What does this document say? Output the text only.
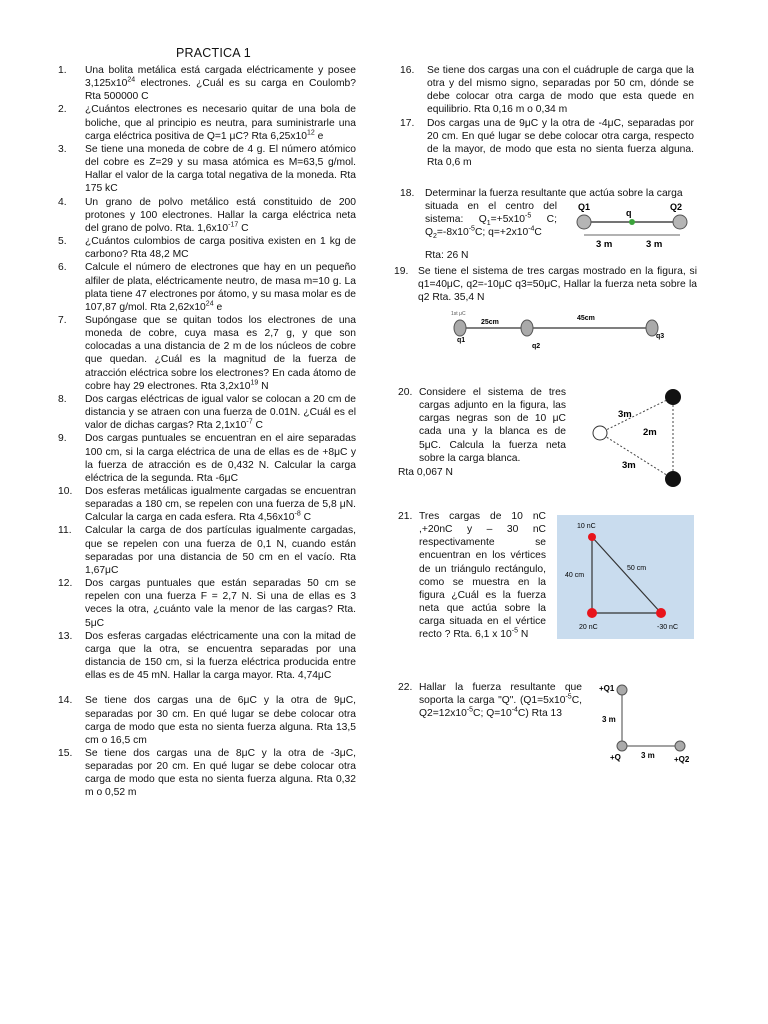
PRACTICA 1
1. Una bolita metálica está cargada eléctricamente y posee $3,125x10^{24}$ electrones. ¿Cuál es su carga en Coulomb? Rta 500000 C
2. ¿Cuántos electrones es necesario quitar de una bola de boliche, que al principio es neutra, para suministrarle una carga eléctrica positiva de Q=1 μC? Rta $6,25x10^{12}$ e
3. Se tiene una moneda de cobre de 4 g. El número atómico del cobre es Z=29 y su masa atómica es M=63,5 g/mol. Hallar el valor de la carga total negativa de la moneda. Rta 175 kC
4. Un grano de polvo metálico está constituido de 200 protones y 100 electrones. Hallar la carga eléctrica neta del grano de polvo. Rta. $1,6x10^{-17}$ C
5. ¿Cuántos culombios de carga positiva existen en 1 kg de carbono? Rta 48,2 MC
6. Calcule el número de electrones que hay en un pequeño alfiler de plata, eléctricamente neutro, de masa m=10 g. La plata tiene 47 electrones por átomo, y su masa molar es de 107,87 g/mol. Rta $2,62x10^{24}$ e
7. Supóngase que se quitan todos los electrones de una moneda de cobre, cuya masa es 2,7 g, y que son colocadas a una distancia de 2 m de los núcleos de cobre que quedan. ¿Cuál es la magnitud de la fuerza de atracción eléctrica sobre los electrones? En cada átomo de cobre hay 29 electrones. Rta $3,2x10^{19}$ N
8. Dos cargas eléctricas de igual valor se colocan a 20 cm de distancia y se atraen con una fuerza de 0.01N. ¿Cuál es el valor de dichas cargas? Rta $2,1x10^{-7}$ C
9. Dos cargas puntuales se encuentran en el aire separadas 100 cm, si la carga eléctrica de una de ellas es de +8μC y la fuerza de atracción es de 0,432 N. Calcular la carga eléctrica de la segunda. Rta -6μC
10. Dos esferas metálicas igualmente cargadas se encuentran separadas a 180 cm, se repelen con una fuerza de 5,8 μN. Calcular la carga en cada esfera. Rta $4,56x10^{-8}$ C
11. Calcular la carga de dos partículas igualmente cargadas, que se repelen con una fuerza de 0,1 N, cuando están separadas por una distancia de 50 cm en el vacío. Rta 1,67μC
12. Dos cargas puntuales que están separadas 50 cm se repelen con una fuerza F = 2,7 N. Si una de ellas es 3 veces la otra, ¿cuánto vale la menor de las cargas? Rta. 5μC
13. Dos esferas cargadas eléctricamente una con la mitad de carga que la otra, se encuentra separadas por una distancia de 150 cm, si la fuerza eléctrica producida entre ellas es de 45 mN. Hallar la carga mayor. Rta. 4,74μC
14. Se tiene dos cargas una de 6μC y la otra de 9μC, separadas por 30 cm. En qué lugar se debe colocar otra carga de modo que esta no sienta fuerza alguna. Rta 13,5 cm o 16,5 cm
15. Se tiene dos cargas una de 8μC y la otra de -3μC, separadas por 20 cm. En qué lugar se debe colocar otra carga de modo que esta no sienta fuerza alguna. Rta 0,32 m o 0,52 m
16. Se tiene dos cargas una con el cuádruple de carga que la otra y del mismo signo, separadas por 50 cm, dónde se debe colocar otra carga de modo que esta quede en equilibrio. Rta 0,16 m o 0,34 m
17. Dos cargas una de 9μC y la otra de -4μC, separadas por 20 cm. En qué lugar se debe colocar otra carga, respecto de la mayor, de modo que esta no sienta fuerza alguna. Rta 0,6 m
18. Determinar la fuerza resultante que actúa sobre la carga
situada en el centro del sistema: $Q_1=+5x10^{-5}$ C; $Q_2=-8x10^{-5}C$; $q=+2x10^{-4}C$
Rta: 26 N
Q1
q
Q2
3 m	3 m
19. Se tiene el sistema de tres cargas mostrado en la figura, si q1=40μC, q2=-10μC q3=50μC, Hallar la fuerza neta sobre la q2 Rta. 35,4 N
1st μC
25cm
45cm
q1
q2
q3
20. Considere el sistema de tres cargas adjunto en la figura, las cargas negras son de 10 μC cada una y la blanca es de 5μC. Calcula la fuerza neta sobre la carga blanca.
Rta 0,067 N
3m
2m
3m
21. Tres cargas de 10 nC ,+20nC y – 30 nC respectivamente se encuentran en los vértices de un triángulo rectángulo, como se muestra en la figura ¿Cuál es la fuerza neta que actúa sobre la carga situada en el vértice recto ? Rta. 6,1 x $10^{-5}$ N
10 nC
40 cm
50 cm
20 nC	-30 nC
22. Hallar la fuerza resultante que soporta la carga "Q". ($Q1=5x10^{-5}C$, $Q2=12x10^{-5}C$; $Q=10^{-4}C$) Rta 13
+Q1
3 m
+Q	3 m +Q2
